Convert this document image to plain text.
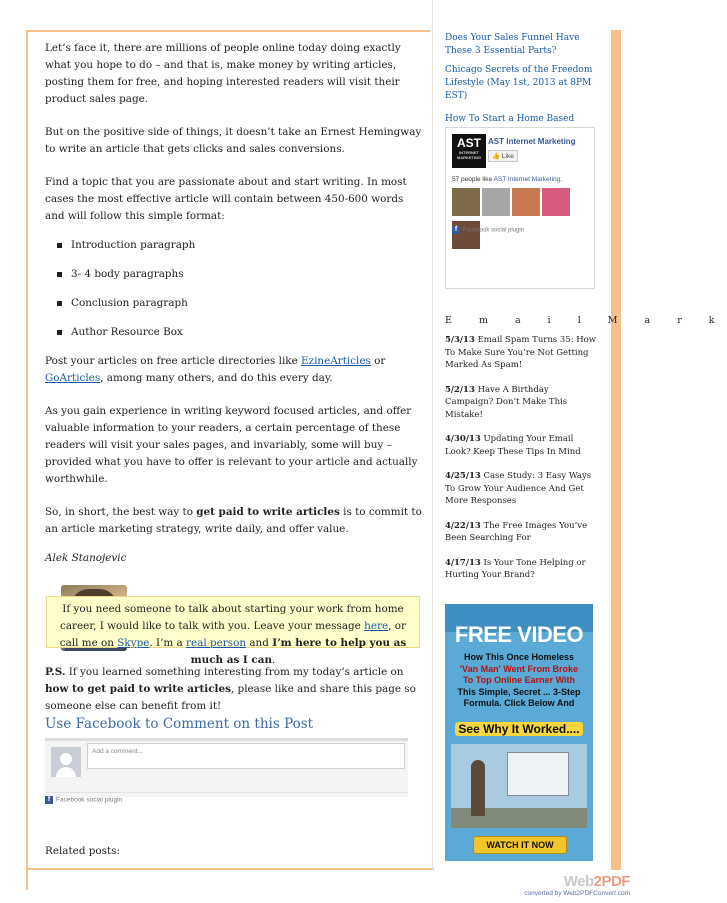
Let’s face it, there are millions of people online today doing exactly what you hope to do – and that is, make money by writing articles, posting them for free, and hoping interested readers will visit their product sales page.

But on the positive side of things, it doesn’t take an Ernest Hemingway to write an article that gets clicks and sales conversions.

Find a topic that you are passionate about and start writing. In most cases the most effective article will contain between 450-600 words and will follow this simple format:

Introduction paragraph
3- 4 body paragraphs
Conclusion paragraph
Author Resource Box

Post your articles on free article directories like EzineArticles or GoArticles, among many others, and do this every day.

As you gain experience in writing keyword focused articles, and offer valuable information to your readers, a certain percentage of these readers will visit your sales pages, and invariably, some will buy – provided what you have to offer is relevant to your article and actually worthwhile.

So, in short, the best way to get paid to write articles is to commit to an article marketing strategy, write daily, and offer value.

Alek Stanojevic
If you need someone to talk about starting your work from home career, I would like to talk with you. Leave your message here, or call me on Skype. I’m a real person and I’m here to help you as much as I can.
P.S. If you learned something interesting from my today’s article on how to get paid to write articles, please like and share this page so someone else can benefit from it!
Use Facebook to Comment on this Post
Add a comment...
f Facebook social plugin
Related posts:
Does Your Sales Funnel Have These 3 Essential Parts?
Chicago Secrets of the Freedom Lifestyle (May 1st, 2013 at 8PM EST)
How To Start a Home Based
AST
INTERNET MARKETING
AST Internet Marketing
👍 Like
57 people like AST Internet Marketing.
f Facebook social plugin
E m a i l M a r k
5/3/13 Email Spam Turns 35: How To Make Sure You’re Not Getting Marked As Spam!
5/2/13 Have A Birthday Campaign? Don’t Make This Mistake!
4/30/13 Updating Your Email Look? Keep These Tips In Mind
4/25/13 Case Study: 3 Easy Ways To Grow Your Audience And Get More Responses
4/22/13 The Free Images You’ve Been Searching For
4/17/13 Is Your Tone Helping or Hurting Your Brand?
FREE VIDEO
How This Once Homeless
'Van Man' Went From Broke
To Top Online Earner With
This Simple, Secret ... 3-Step
Formula. Click Below And
See Why It Worked....
WATCH IT NOW
Web2PDF
converted by Web2PDFConvert.com
